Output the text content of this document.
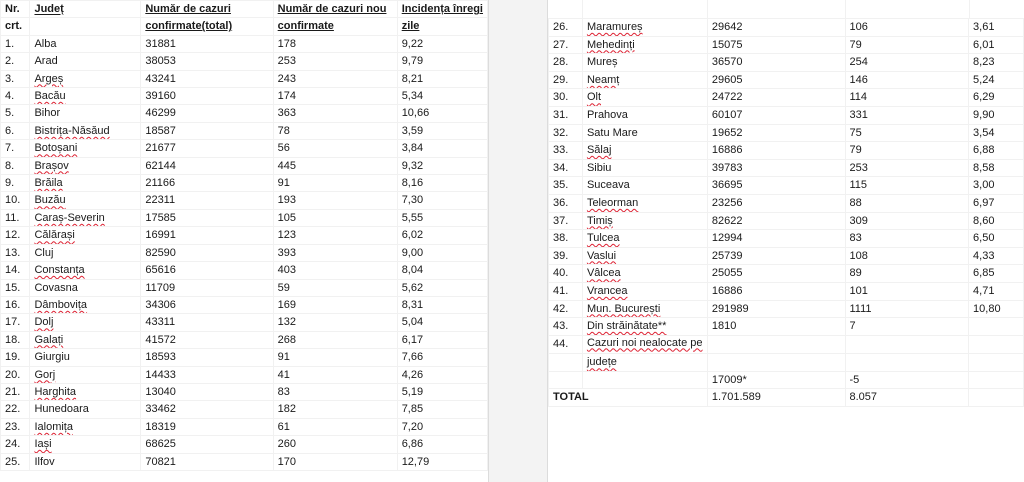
Nr.	Județ	Număr de cazuri	Număr de cazuri nou	Incidența înregi
crt.		confirmate(total)	confirmate	zile
1.	Alba	31881	178	9,22
2.	Arad	38053	253	9,79
3.	Argeș	43241	243	8,21
4.	Bacău	39160	174	5,34
5.	Bihor	46299	363	10,66
6.	Bistrița-Năsăud	18587	78	3,59
7.	Botoșani	21677	56	3,84
8.	Brașov	62144	445	9,32
9.	Brăila	21166	91	8,16
10.	Buzău	22311	193	7,30
11.	Caraș-Severin	17585	105	5,55
12.	Călărași	16991	123	6,02
13.	Cluj	82590	393	9,00
14.	Constanța	65616	403	8,04
15.	Covasna	11709	59	5,62
16.	Dâmbovița	34306	169	8,31
17.	Dolj	43311	132	5,04
18.	Galați	41572	268	6,17
19.	Giurgiu	18593	91	7,66
20.	Gorj	14433	41	4,26
21.	Harghita	13040	83	5,19
22.	Hunedoara	33462	182	7,85
23.	Ialomița	18319	61	7,20
24.	Iași	68625	260	6,86
25.	Ilfov	70821	170	12,79
26.	Maramureș	29642	106	3,61
27.	Mehedinți	15075	79	6,01
28.	Mureș	36570	254	8,23
29.	Neamț	29605	146	5,24
30.	Olt	24722	114	6,29
31.	Prahova	60107	331	9,90
32.	Satu Mare	19652	75	3,54
33.	Sălaj	16886	79	6,88
34.	Sibiu	39783	253	8,58
35.	Suceava	36695	115	3,00
36.	Teleorman	23256	88	6,97
37.	Timiș	82622	309	8,60
38.	Tulcea	12994	83	6,50
39.	Vaslui	25739	108	4,33
40.	Vâlcea	25055	89	6,85
41.	Vrancea	16886	101	4,71
42.	Mun. București	291989	1111	10,80
43.	Din străinătate**	1810	7	
44.	Cazuri noi nealocate pe			
	județe			
		17009*	-5	
TOTAL		1.701.589	8.057	
